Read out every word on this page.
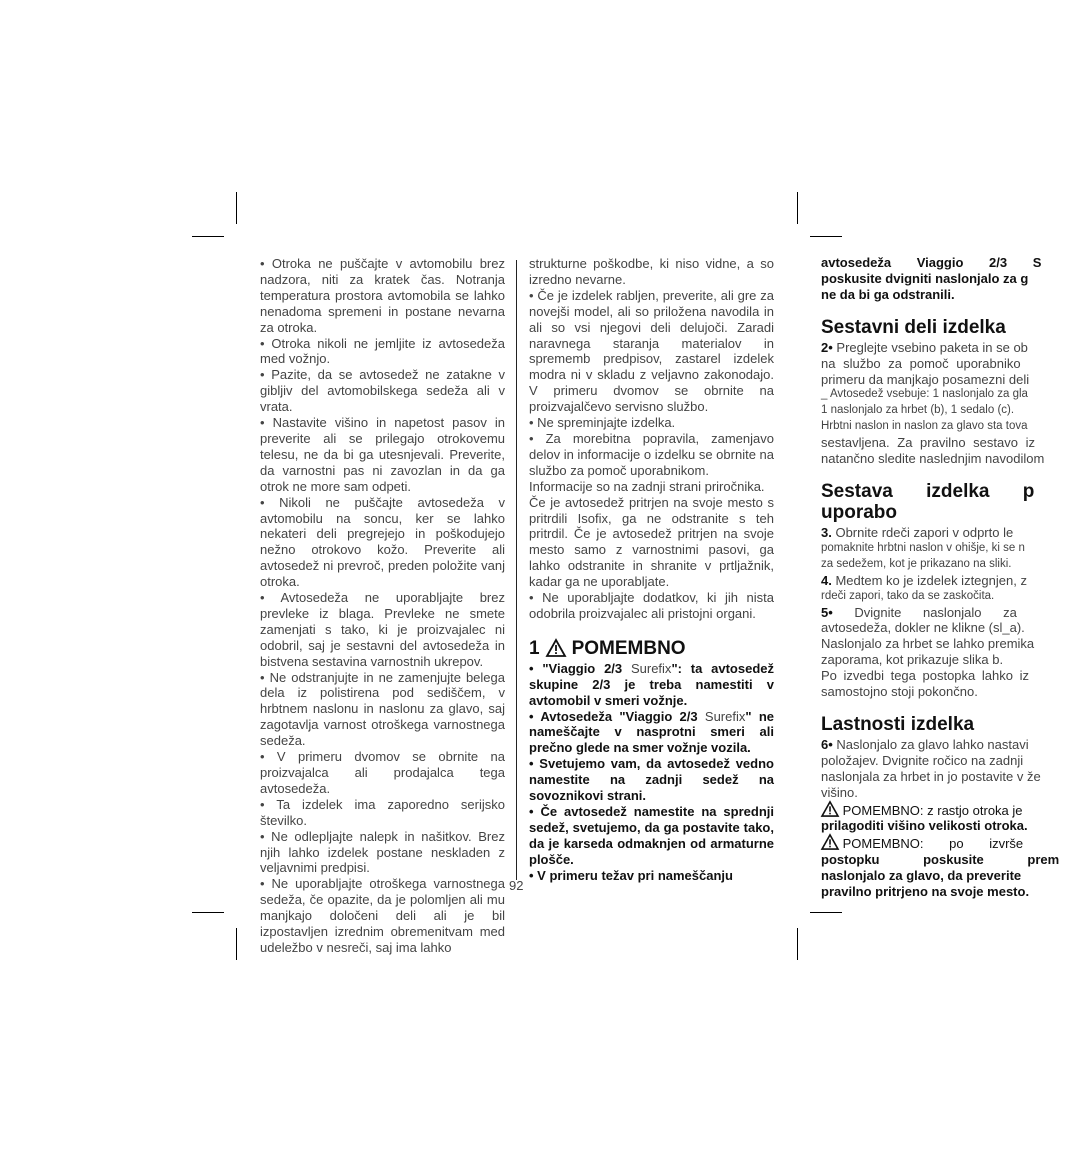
• Otroka ne puščajte v avtomobilu brez nadzora, niti za kratek čas. Notranja temperatura prostora avtomobila se lahko nenadoma spremeni in postane nevarna za otroka.

• Otroka nikoli ne jemljite iz avtosedeža med vožnjo.

• Pazite, da se avtosedež ne zatakne v gibljiv del avtomobilskega sedeža ali v vrata.

• Nastavite višino in napetost pasov in preverite ali se prilegajo otrokovemu telesu, ne da bi ga utesnjevali. Preverite, da varnostni pas ni zavozlan in da ga otrok ne more sam odpeti.

• Nikoli ne puščajte avtosedeža v avtomobilu na soncu, ker se lahko nekateri deli pregrejejo in poškodujejo nežno otrokovo kožo. Preverite ali avtosedež ni prevroč, preden položite vanj otroka.

• Avtosedeža ne uporabljajte brez prevleke iz blaga. Prevleke ne smete zamenjati s tako, ki je proizvajalec ni odobril, saj je sestavni del avtosedeža in bistvena sestavina varnostnih ukrepov.

• Ne odstranjujte in ne zamenjujte belega dela iz polistirena pod sediščem, v hrbtnem naslonu in naslonu za glavo, saj zagotavlja varnost otroškega varnostnega sedeža.

• V primeru dvomov se obrnite na proizvajalca ali prodajalca tega avtosedeža.

• Ta izdelek ima zaporedno serijsko številko.

• Ne odlepljajte nalepk in našitkov. Brez njih lahko izdelek postane neskladen z veljavnimi predpisi.

• Ne uporabljajte otroškega varnostnega sedeža, če opazite, da je polomljen ali mu manjkajo določeni deli ali je bil izpostavljen izrednim obremenitvam med udeležbo v nesreči, saj ima lahko

strukturne poškodbe, ki niso vidne, a so izredno nevarne.

• Če je izdelek rabljen, preverite, ali gre za novejši model, ali so priložena navodila in ali so vsi njegovi deli delujoči. Zaradi naravnega staranja materialov in sprememb predpisov, zastarel izdelek modra ni v skladu z veljavno zakonodajo. V primeru dvomov se obrnite na proizvajalčevo servisno službo.

• Ne spreminjajte izdelka.

• Za morebitna popravila, zamenjavo delov in informacije o izdelku se obrnite na službo za pomoč uporabnikom.

Informacije so na zadnji strani priročnika.

Če je avtosedež pritrjen na svoje mesto s pritrdili Isofix, ga ne odstranite s teh pritrdil. Če je avtosedež pritrjen na svoje mesto samo z varnostnimi pasovi, ga lahko odstranite in shranite v prtljažnik, kadar ga ne uporabljate.

• Ne uporabljajte dodatkov, ki jih nista odobrila proizvajalec ali pristojni organi.

1 POMEMBNO

• "Viaggio 2/3 Surefix": ta avtosedež skupine 2/3 je treba namestiti v avtomobil v smeri vožnje.

• Avtosedeža "Viaggio 2/3 Surefix" ne nameščajte v nasprotni smeri ali prečno glede na smer vožnje vozila.

• Svetujemo vam, da avtosedež vedno namestite na zadnji sedež na sovoznikovi strani.

• Če avtosedež namestite na sprednji sedež, svetujemo, da ga postavite tako, da je karseda odmaknjen od armaturne plošče.

• V primeru težav pri nameščanju

92

avtosedeža Viaggio 2/3 S

poskusite dvigniti naslonjalo za g

ne da bi ga odstranili.

Sestavni deli izdelka

2• Preglejte vsebino paketa in se ob

na službo za pomoč uporabniko

primeru da manjkajo posamezni deli

_ Avtosedež vsebuje: 1 naslonjalo za gla

1 naslonjalo za hrbet (b), 1 sedalo (c).

Hrbtni naslon in naslon za glavo sta tova

sestavljena. Za pravilno sestavo iz

natančno sledite naslednjim navodilom

Sestava izdelka p
uporabo

3. Obrnite rdeči zapori v odprto le

pomaknite hrbtni naslon v ohišje, ki se n

za sedežem, kot je prikazano na sliki.

4. Medtem ko je izdelek iztegnjen, z

rdeči zapori, tako da se zaskočita.

5• Dvignite naslonjalo za

avtosedeža, dokler ne klikne (sl_a).

Naslonjalo za hrbet se lahko premika

zaporama, kot prikazuje slika b.

Po izvedbi tega postopka lahko iz

samostojno stoji pokončno.

Lastnosti izdelka

6• Naslonjalo za glavo lahko nastavi

položajev. Dvignite ročico na zadnji

naslonjala za hrbet in jo postavite v že

višino.

POMEMBNO: z rastjo otroka je

prilagoditi višino velikosti otroka.

POMEMBNO: po izvrše

postopku poskusite prem

naslonjalo za glavo, da preverite

pravilno pritrjeno na svoje mesto.
